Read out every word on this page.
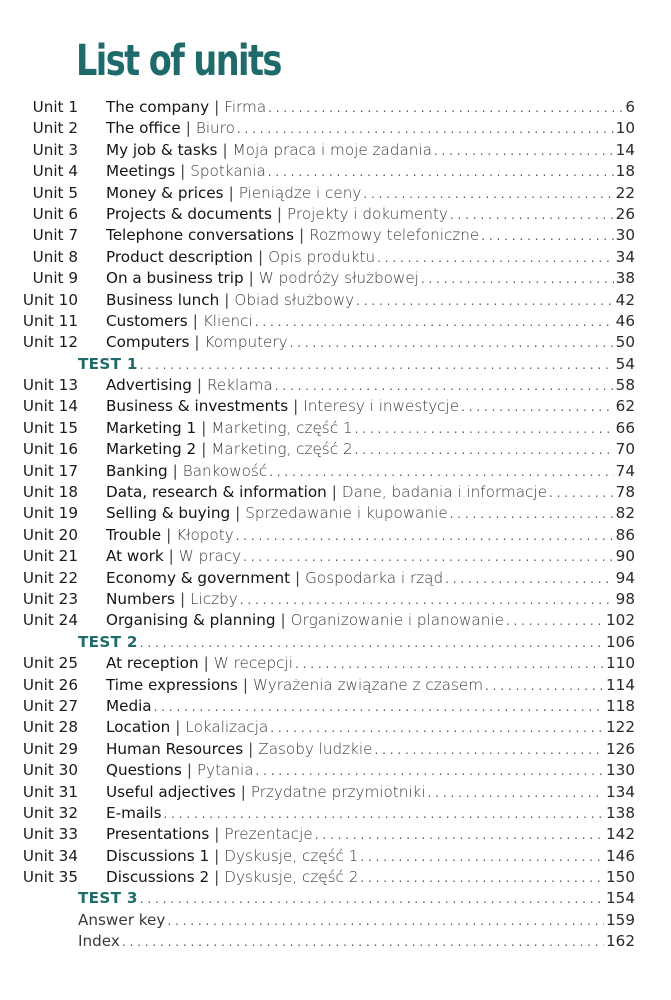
List of units
Unit 1 The company | Firma . . .	6
Unit 2 The office | Biuro . . .	10
Unit 3 My job & tasks | Moja praca i moje zadania . . .	14
Unit 4 Meetings | Spotkania . . .	18
Unit 5 Money & prices | Pieniądze i ceny . . .	22
Unit 6 Projects & documents | Projekty i dokumenty . . .	26
Unit 7 Telephone conversations | Rozmowy telefoniczne . . .	30
Unit 8 Product description | Opis produktu . . .	34
Unit 9 On a business trip | W podróży służbowej . . .	38
Unit 10 Business lunch | Obiad służbowy . . .	42
Unit 11 Customers | Klienci . . .	46
Unit 12 Computers | Komputery . . .	50
TEST 1 . . .	54
Unit 13 Advertising | Reklama . . .	58
Unit 14 Business & investments | Interesy i inwestycje . . .	62
Unit 15 Marketing 1 | Marketing, część 1 . . .	66
Unit 16 Marketing 2 | Marketing, część 2 . . .	70
Unit 17 Banking | Bankowość . . .	74
Unit 18 Data, research & information | Dane, badania i informacje . . .	78
Unit 19 Selling & buying | Sprzedawanie i kupowanie . . .	82
Unit 20 Trouble | Kłopoty . . .	86
Unit 21 At work | W pracy . . .	90
Unit 22 Economy & government | Gospodarka i rząd . . .	94
Unit 23 Numbers | Liczby . . .	98
Unit 24 Organising & planning | Organizowanie i planowanie . . .	102
TEST 2 . . .	106
Unit 25 At reception | W recepcji . . .	110
Unit 26 Time expressions | Wyrażenia związane z czasem . . .	114
Unit 27 Media . . .	118
Unit 28 Location | Lokalizacja . . .	122
Unit 29 Human Resources | Zasoby ludzkie . . .	126
Unit 30 Questions | Pytania . . .	130
Unit 31 Useful adjectives | Przydatne przymiotniki . . .	134
Unit 32 E-mails . . .	138
Unit 33 Presentations | Prezentacje . . .	142
Unit 34 Discussions 1 | Dyskusje, część 1 . . .	146
Unit 35 Discussions 2 | Dyskusje, część 2 . . .	150
TEST 3 . . .	154
Answer key . . .	159
Index . . .	162
